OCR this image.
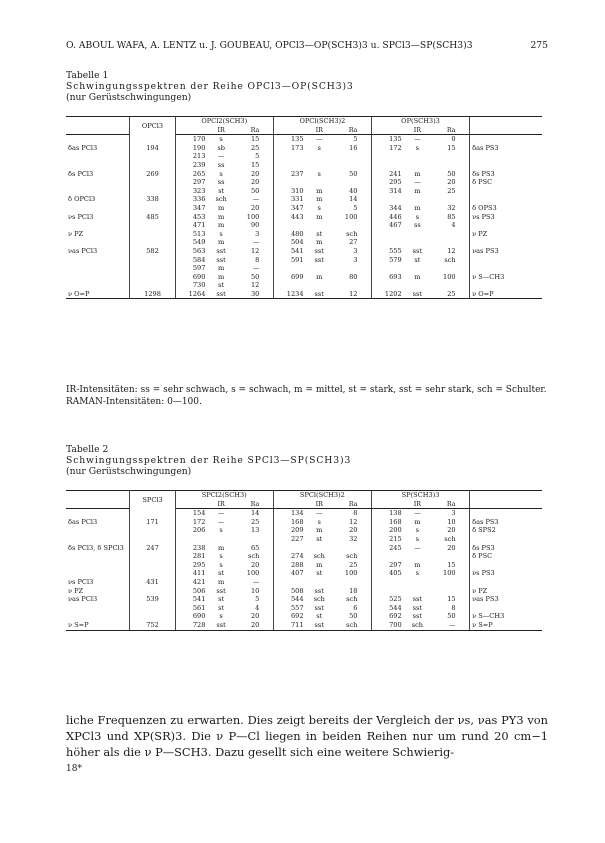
O. ABOUL WAFA, A. LENTZ u. J. GOUBEAU, OPCl3—OP(SCH3)3 u. SPCl3—SP(SCH3)3	275
Tabelle 1
Schwingungsspektren der Reihe OPCl3—OP(SCH3)3
(nur Gerüstschwingungen)
	OPCl3	OPCl2(SCH3)				OPCl(SCH3)2				OP(SCH3)3				
			IR	Ra			IR	Ra			IR	Ra		
		170	s	15		135	—	5		135	—	0		
δas PCl3	194	190	sb	25		173	s	16		172	s	15		δas PS3
		213	—	5										
		239	ss	15										
δs PCl3	269	265	s	20		237	s	50		241	m	50		δs PS3
		297	ss	20						295	—	20		δ PSC
		323	st	50		310	m	40		314	m	25		
δ OPCl3	338	336	sch	—		331	m	14						
		347	m	20		347	s	5		344	m	32		δ OPS3
νs PCl3	485	453	m	100		443	m	100		446	s	85		νs PS3
		471	m	90						467	ss	4		
ν PZ		513	s	3		480	st	sch						ν PZ
		549	m	—		504	m	27						
νas PCl3	582	563	sst	12		541	sst	3		555	sst	12		νas PS3
		584	sst	8		591	sst	3		579	st	sch		
		597	m	—										
		690	m	50		699	m	80		693	m	100		ν S—CH3
		730	st	12										
ν O=P	1298	1264	sst	30		1234	sst	12		1202	sst	25		ν O=P
IR-Intensitäten: ss = sehr schwach, s = schwach, m = mittel, st = stark, sst = sehr stark, sch = Schulter.
RAMAN-Intensitäten: 0—100.
Tabelle 2
Schwingungsspektren der Reihe SPCl3—SP(SCH3)3
(nur Gerüstschwingungen)
	SPCl3	SPCl2(SCH3)				SPCl(SCH3)2				SP(SCH3)3				
			IR	Ra			IR	Ra			IR	Ra		
		154	—	14		134	—	8		138	—	3		
δas PCl3	171	172	—	25		168	s	12		168	m	10		δas PS3
		206	s	13		209	m	20		200	s	20		δ SPS2
						227	st	32		215	s	sch		
δs PCl3, δ SPCl3	247	238	m	65						245	—	20		δs PS3
		281	s	sch		274	sch	sch						δ PSC
		295	s	20		288	m	25		297	m	15		
		411	st	100		407	st	100		405	s	100		νs PS3
νs PCl3	431	421	m	—										
ν PZ		506	sst	10		508	sst	18						ν PZ
νas PCl3	539	541	st	5		544	sch	sch		525	sst	15		νas PS3
		561	st	4		557	sst	6		544	sst	8		
		690	s	20		692	st	50		692	sst	50		ν S—CH3
ν S=P	752	728	sst	20		711	sst	sch		700	sch	—		ν S=P
liche Frequenzen zu erwarten. Dies zeigt bereits der Vergleich der νs, νas PY3 von XPCl3 und XP(SR)3. Die ν P—Cl liegen in beiden Reihen nur um rund 20 cm−1 höher als die ν P—SCH3. Dazu gesellt sich eine weitere Schwierig-
18*
